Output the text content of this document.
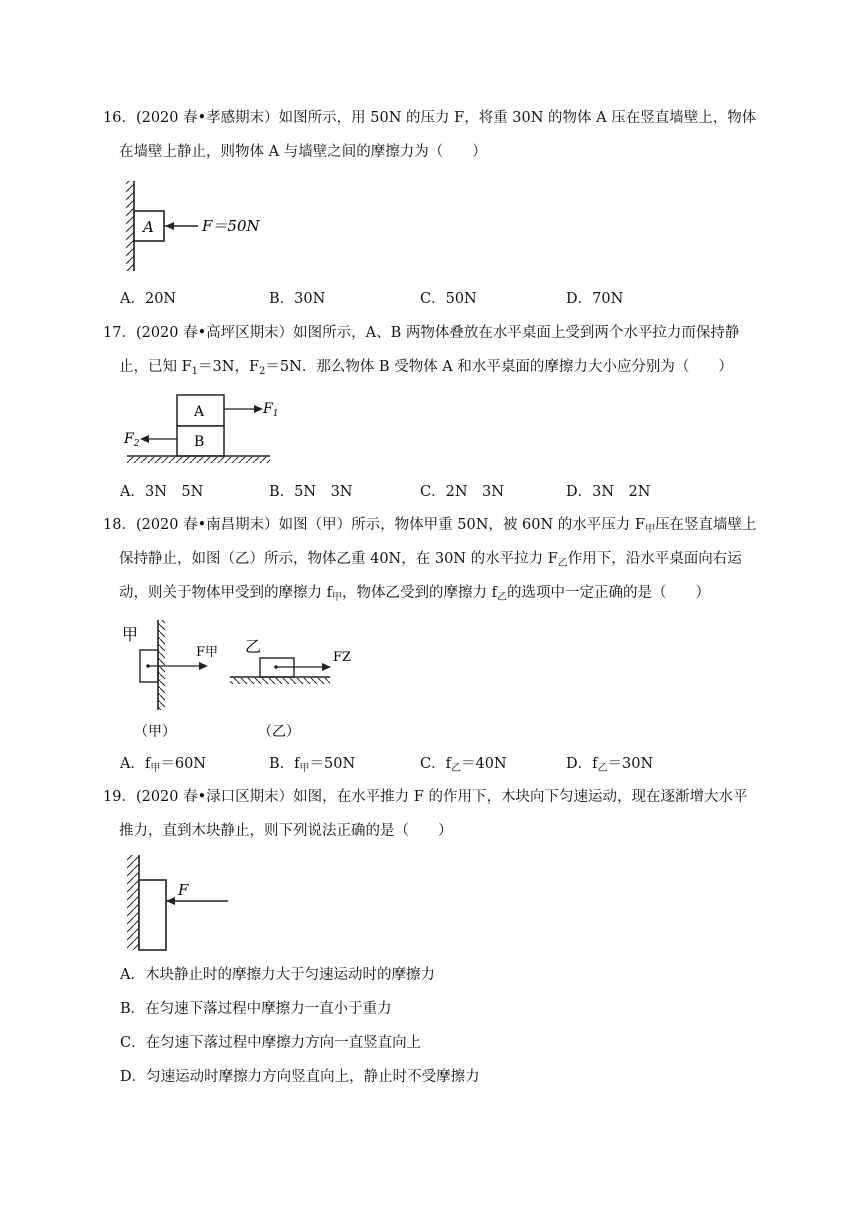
16．(2020 春•孝感期末）如图所示，用 50N 的压力 F，将重 30N 的物体 A 压在竖直墙壁上，物体
在墙壁上静止，则物体 A 与墙壁之间的摩擦力为（　　）
A	F＝50N
A．20N	B．30N	C．50N	D．70N
17．(2020 春•高坪区期末）如图所示，A、B 两物体叠放在水平桌面上受到两个水平拉力而保持静
止，已知 $F_1=3N$，$F_2=5N$．那么物体 B 受物体 A 和水平桌面的摩擦力大小应分别为（　　）
A
B
$F_1$
$F_2$
A．3N　5N	B．5N　3N	C．2N　3N	D．3N　2N
18．(2020 春•南昌期末）如图（甲）所示，物体甲重 50N，被 60N 的水平压力 $F_甲$压在竖直墙壁上
保持静止，如图（乙）所示，物体乙重 40N，在 30N 的水平拉力 $F_乙$作用下，沿水平桌面向右运
动，则关于物体甲受到的摩擦力 $f_甲$，物体乙受到的摩擦力 $f_乙$的选项中一定正确的是（　　）
甲
F甲
（甲）
乙
FZ
（乙）
A．$f_甲=60N$	B．$f_甲=50N$	C．$f_乙=40N$	D．$f_乙=30N$
19．(2020 春•渌口区期末）如图，在水平推力 F 的作用下，木块向下匀速运动，现在逐渐增大水平
推力，直到木块静止，则下列说法正确的是（　　）
F
A．木块静止时的摩擦力大于匀速运动时的摩擦力
B．在匀速下落过程中摩擦力一直小于重力
C．在匀速下落过程中摩擦力方向一直竖直向上
D．匀速运动时摩擦力方向竖直向上，静止时不受摩擦力
